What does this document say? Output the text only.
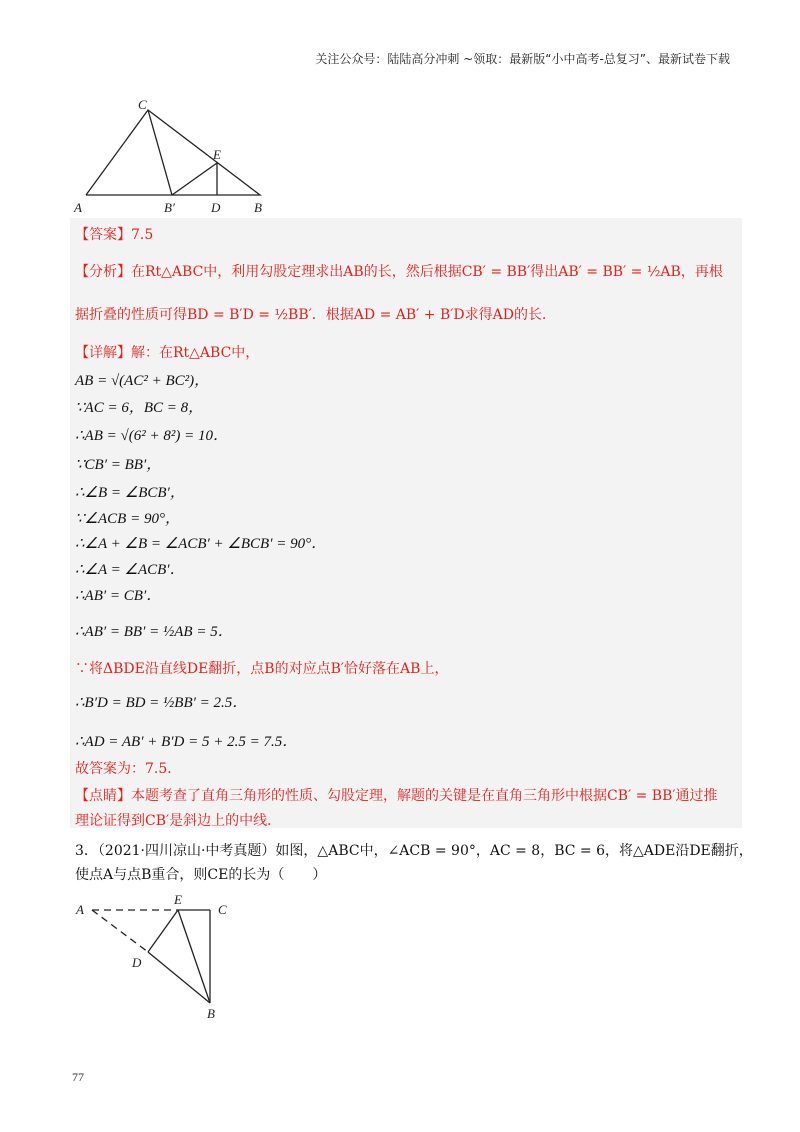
关注公众号：陆陆高分冲刺 ~领取：最新版“小中高考-总复习”、最新试卷下载
C
E
A	B′	D	B
【答案】7.5
【分析】在Rt△ABC中，利用勾股定理求出AB的长，然后根据CB′ = BB′得出AB′ = BB′ = ½AB，再根
据折叠的性质可得BD = B′D = ½BB′．根据AD = AB′ + B′D求得AD的长．
【详解】解：在Rt△ABC中，
AB = √(AC² + BC²)，
∵AC = 6，BC = 8，
∴AB = √(6² + 8²) = 10．
∵CB′ = BB′，
∴∠B = ∠BCB′，
∵∠ACB = 90°，
∴∠A + ∠B = ∠ACB′ + ∠BCB′ = 90°．
∴∠A = ∠ACB′．
∴AB′ = CB′．
∴AB′ = BB′ = ½AB = 5．
∵将ΔBDE沿直线DE翻折，点B的对应点B′恰好落在AB上，
∴B′D = BD = ½BB′ = 2.5．
∴AD = AB′ + B′D = 5 + 2.5 = 7.5．
故答案为：7.5．
【点睛】本题考查了直角三角形的性质、勾股定理，解题的关键是在直角三角形中根据CB′ = BB′通过推
理论证得到CB′是斜边上的中线．
3．（2021·四川凉山·中考真题）如图，△ABC中，∠ACB = 90°，AC = 8，BC = 6，将△ADE沿DE翻折，
使点A与点B重合，则CE的长为（　　）
A
E
C
D
B
77
